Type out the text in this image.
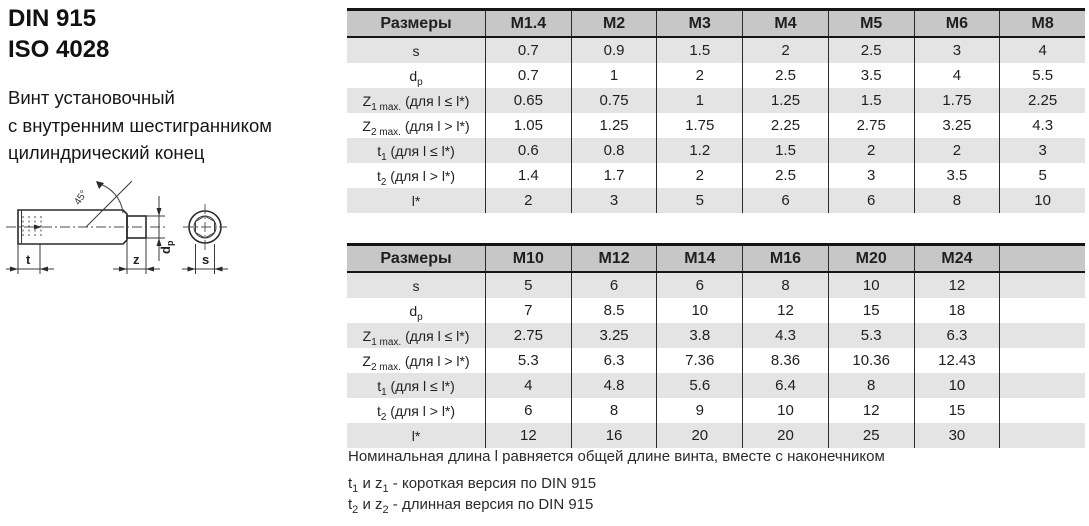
DIN 915
ISO 4028
Винт установочный
с внутренним шестигранником
цилиндрический конец
45°
t	z
$d_p$
s
Размеры	M1.4	M2	M3	M4	M5	M6	M8
s	0.7	0.9	1.5	2	2.5	3	4
$d_p$	0.7	1	2	2.5	3.5	4	5.5
$Z_{1 max.}$ (для l ≤ l*)	0.65	0.75	1	1.25	1.5	1.75	2.25
$Z_{2 max.}$ (для l > l*)	1.05	1.25	1.75	2.25	2.75	3.25	4.3
$t_1$ (для l ≤ l*)	0.6	0.8	1.2	1.5	2	2	3
$t_2$ (для l > l*)	1.4	1.7	2	2.5	3	3.5	5
l*	2	3	5	6	6	8	10
Размеры	M10	M12	M14	M16	M20	M24
s	5	6	6	8	10	12
$d_p$	7	8.5	10	12	15	18
$Z_{1 max.}$ (для l ≤ l*)	2.75	3.25	3.8	4.3	5.3	6.3
$Z_{2 max.}$ (для l > l*)	5.3	6.3	7.36	8.36	10.36	12.43
$t_1$ (для l ≤ l*)	4	4.8	5.6	6.4	8	10
$t_2$ (для l > l*)	6	8	9	10	12	15
l*	12	16	20	20	25	30
Номинальная длина l равняется общей длине винта, вместе с наконечником
$t_1$ и $z_1$ - короткая версия по DIN 915
$t_2$ и $z_2$ - длинная версия по DIN 915
